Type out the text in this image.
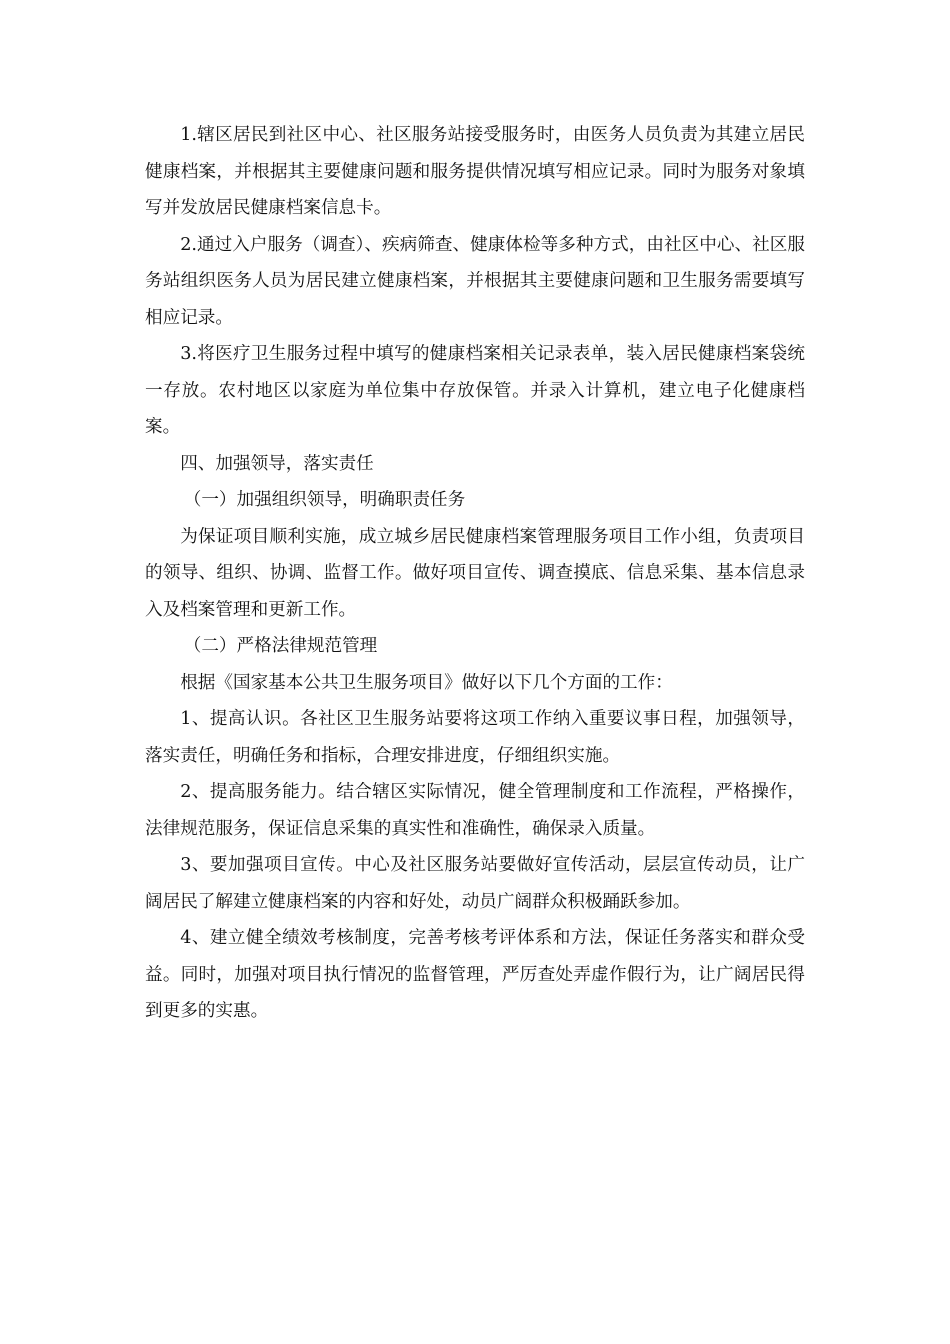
1.辖区居民到社区中心、社区服务站接受服务时，由医务人员负责为其建立居民健康档案，并根据其主要健康问题和服务提供情况填写相应记录。同时为服务对象填写并发放居民健康档案信息卡。

2.通过入户服务（调查）、疾病筛查、健康体检等多种方式，由社区中心、社区服务站组织医务人员为居民建立健康档案，并根据其主要健康问题和卫生服务需要填写相应记录。

3.将医疗卫生服务过程中填写的健康档案相关记录表单，装入居民健康档案袋统一存放。农村地区以家庭为单位集中存放保管。并录入计算机，建立电子化健康档案。

四、加强领导，落实责任

（一）加强组织领导，明确职责任务

为保证项目顺利实施，成立城乡居民健康档案管理服务项目工作小组，负责项目的领导、组织、协调、监督工作。做好项目宣传、调查摸底、信息采集、基本信息录入及档案管理和更新工作。

（二）严格法律规范管理

根据《国家基本公共卫生服务项目》做好以下几个方面的工作：

1、提高认识。各社区卫生服务站要将这项工作纳入重要议事日程，加强领导，落实责任，明确任务和指标，合理安排进度，仔细组织实施。

2、提高服务能力。结合辖区实际情况，健全管理制度和工作流程，严格操作，法律规范服务，保证信息采集的真实性和准确性，确保录入质量。

3、要加强项目宣传。中心及社区服务站要做好宣传活动，层层宣传动员，让广阔居民了解建立健康档案的内容和好处，动员广阔群众积极踊跃参加。

4、建立健全绩效考核制度，完善考核考评体系和方法，保证任务落实和群众受益。同时，加强对项目执行情况的监督管理，严厉查处弄虚作假行为，让广阔居民得到更多的实惠。
